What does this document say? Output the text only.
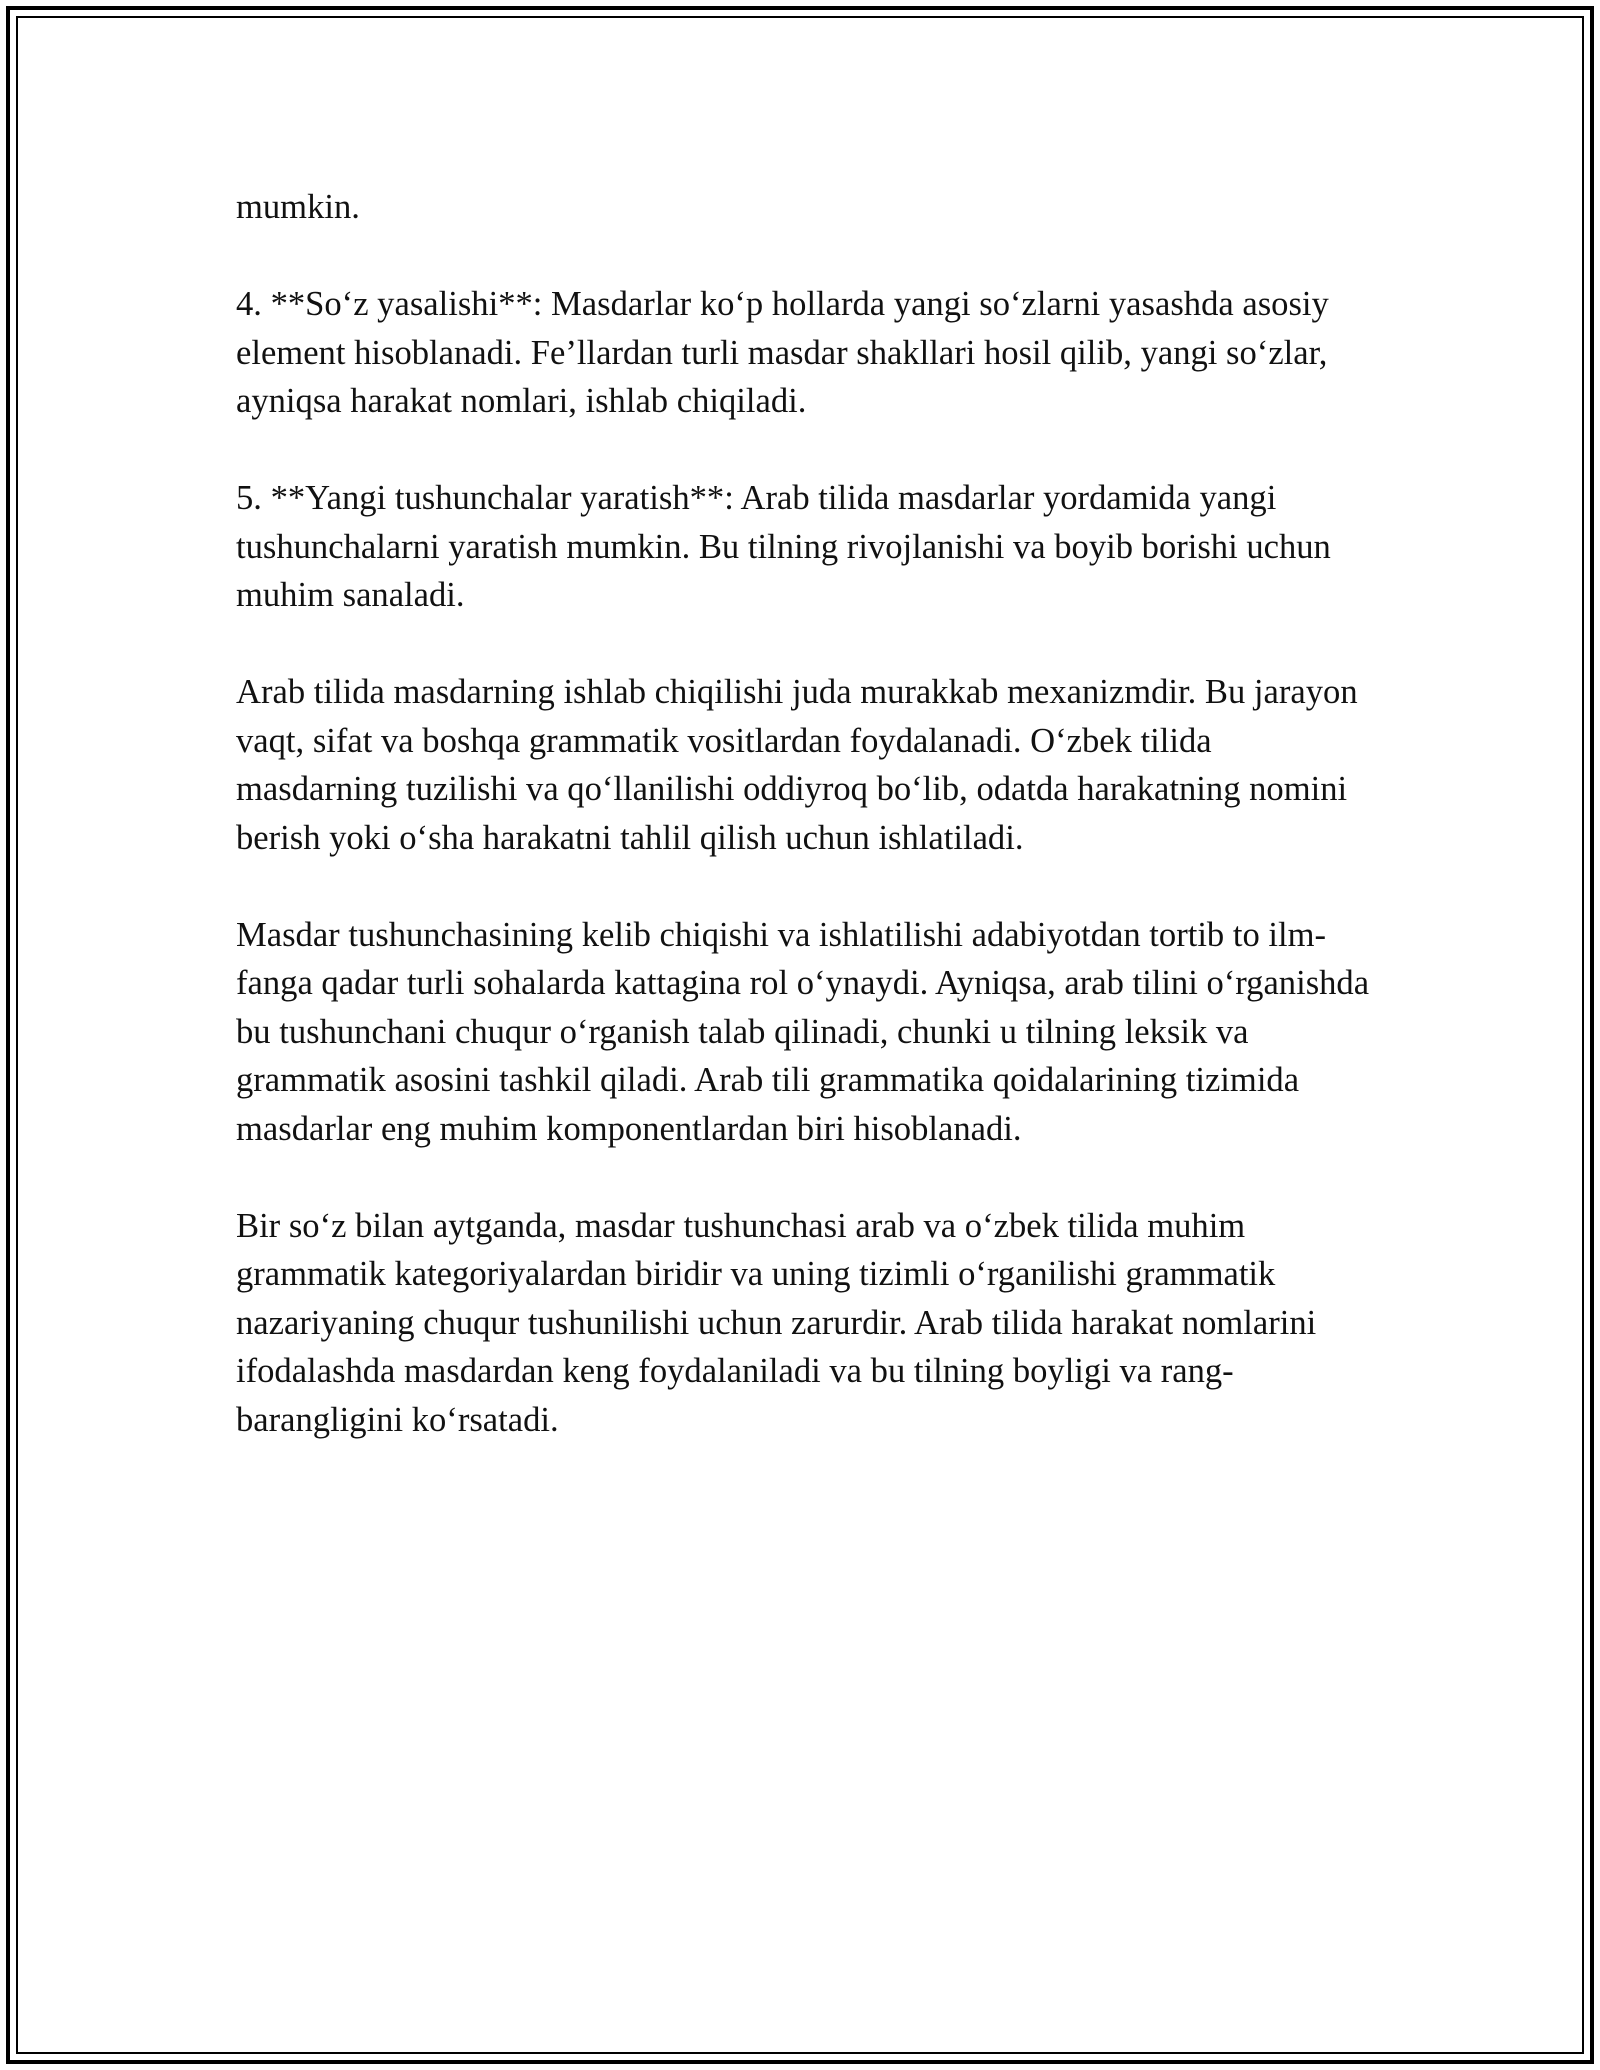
mumkin.

4. **So‘z yasalishi**: Masdarlar ko‘p hollarda yangi so‘zlarni yasashda asosiy element hisoblanadi. Fe’llardan turli masdar shakllari hosil qilib, yangi so‘zlar, ayniqsa harakat nomlari, ishlab chiqiladi.

5. **Yangi tushunchalar yaratish**: Arab tilida masdarlar yordamida yangi tushunchalarni yaratish mumkin. Bu tilning rivojlanishi va boyib borishi uchun muhim sanaladi.

Arab tilida masdarning ishlab chiqilishi juda murakkab mexanizmdir. Bu jarayon vaqt, sifat va boshqa grammatik vositlardan foydalanadi. O‘zbek tilida masdarning tuzilishi va qo‘llanilishi oddiyroq bo‘lib, odatda harakatning nomini berish yoki o‘sha harakatni tahlil qilish uchun ishlatiladi.

Masdar tushunchasining kelib chiqishi va ishlatilishi adabiyotdan tortib to ilm-fanga qadar turli sohalarda kattagina rol o‘ynaydi. Ayniqsa, arab tilini o‘rganishda bu tushunchani chuqur o‘rganish talab qilinadi, chunki u tilning leksik va grammatik asosini tashkil qiladi. Arab tili grammatika qoidalarining tizimida masdarlar eng muhim komponentlardan biri hisoblanadi.

Bir so‘z bilan aytganda, masdar tushunchasi arab va o‘zbek tilida muhim grammatik kategoriyalardan biridir va uning tizimli o‘rganilishi grammatik nazariyaning chuqur tushunilishi uchun zarurdir. Arab tilida harakat nomlarini ifodalashda masdardan keng foydalaniladi va bu tilning boyligi va rang-barangligini ko‘rsatadi.
